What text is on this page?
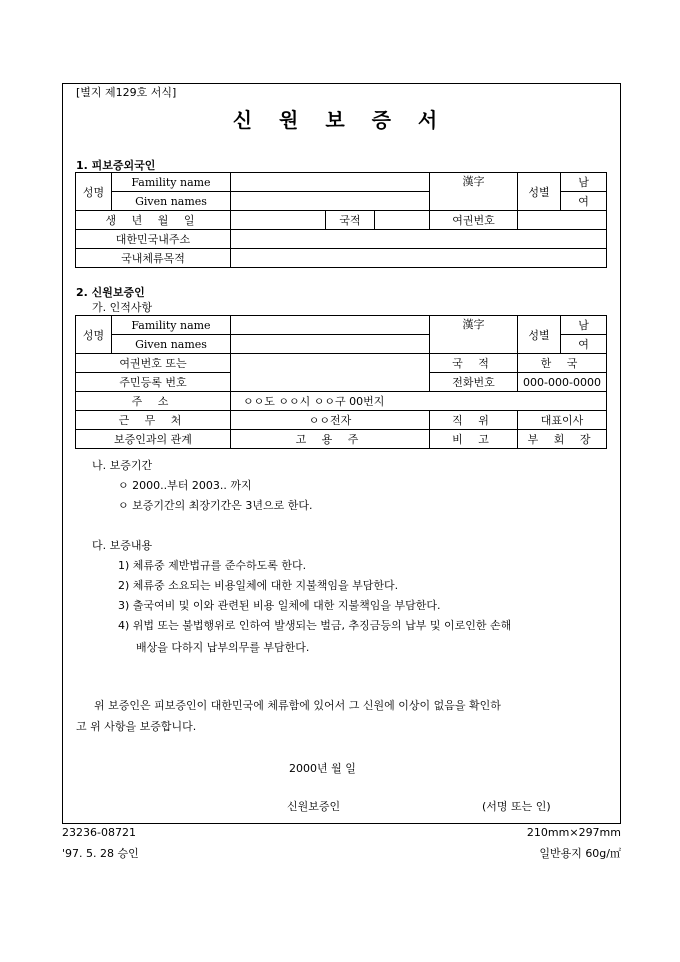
[별지 제129호 서식]
신 원 보 증 서
1. 피보증외국인
성명	Famility name				漢字	성별	남
	Given names						여
생 년 월 일			국적		여권번호		
대한민국내주소							
국내체류목적							
2. 신원보증인
가. 인적사항
성명	Famility name		漢字	성별	남
	Given names				여
여권번호 또는			국 적	한 국	
주민등록 번호			전화번호	000-000-0000	
주 소		ㅇㅇ도 ㅇㅇ시 ㅇㅇ구 00번지			
근 무 처		ㅇㅇ전자	직 위	대표이사	
보증인과의 관계		고 용 주	비 고	부 회 장	
나. 보증기간
ㅇ 2000..부터 2003.. 까지
ㅇ 보증기간의 최장기간은 3년으로 한다.
다. 보증내용
1) 체류중 제반법규를 준수하도록 한다.
2) 체류중 소요되는 비용일체에 대한 지불책임을 부담한다.
3) 출국여비 및 이와 관련된 비용 일체에 대한 지불책임을 부담한다.
4) 위법 또는 불법행위로 인하여 발생되는 벌금, 추징금등의 납부 및 이로인한 손해
배상을 다하지 납부의무를 부담한다.
위 보증인은 피보증인이 대한민국에 체류함에 있어서 그 신원에 이상이 없음을 확인하
고 위 사항을 보증합니다.
2000년 월 일
신원보증인	(서명 또는 인)
23236-08721	210mm×297mm
'97. 5. 28 승인	일반용지 60g/㎡
